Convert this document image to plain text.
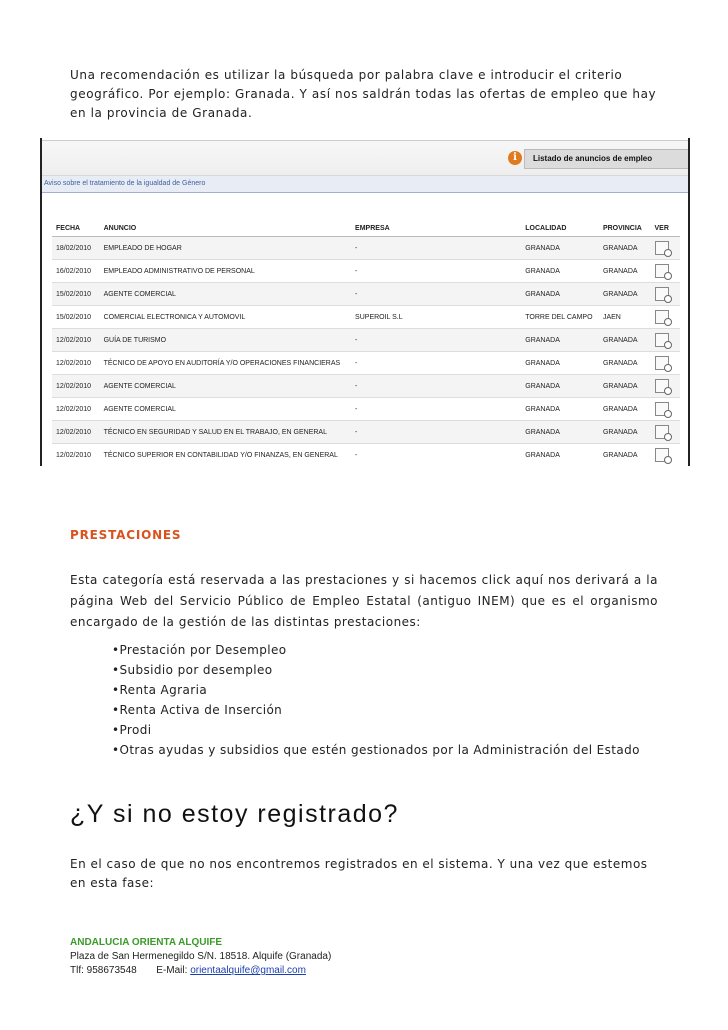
Una recomendación es utilizar la búsqueda por palabra clave e introducir el criterio geográfico. Por ejemplo: Granada. Y así nos saldrán todas las ofertas de empleo que hay en la provincia de Granada.

i	Listado de anuncios de empleo
Aviso sobre el tratamiento de la igualdad de Género
FECHA	ANUNCIO	EMPRESA	LOCALIDAD	PROVINCIA	VER
18/02/2010	EMPLEADO DE HOGAR	-	GRANADA	GRANADA	
16/02/2010	EMPLEADO ADMINISTRATIVO DE PERSONAL	-	GRANADA	GRANADA	
15/02/2010	AGENTE COMERCIAL	-	GRANADA	GRANADA	
15/02/2010	COMERCIAL ELECTRONICA Y AUTOMOVIL	SUPEROIL S.L	TORRE DEL CAMPO	JAEN	
12/02/2010	GUÍA DE TURISMO	-	GRANADA	GRANADA	
12/02/2010	TÉCNICO DE APOYO EN AUDITORÍA Y/O OPERACIONES FINANCIERAS	-	GRANADA	GRANADA	
12/02/2010	AGENTE COMERCIAL	-	GRANADA	GRANADA	
12/02/2010	AGENTE COMERCIAL	-	GRANADA	GRANADA	
12/02/2010	TÉCNICO EN SEGURIDAD Y SALUD EN EL TRABAJO, EN GENERAL	-	GRANADA	GRANADA	
12/02/2010	TÉCNICO SUPERIOR EN CONTABILIDAD Y/O FINANZAS, EN GENERAL	-	GRANADA	GRANADA	
PRESTACIONES

Esta categoría está reservada a las prestaciones y si hacemos click aquí nos derivará a la página Web del Servicio Público de Empleo Estatal (antiguo INEM) que es el organismo encargado de la gestión de las distintas prestaciones:

• Prestación por Desempleo
• Subsidio por desempleo
• Renta Agraria
• Renta Activa de Inserción
• Prodi
• Otras ayudas y subsidios que estén gestionados por la Administración del Estado
¿Y si no estoy registrado?

En el caso de que no nos encontremos registrados en el sistema. Y una vez que estemos en esta fase:

ANDALUCIA ORIENTA ALQUIFE
Plaza de San Hermenegildo S/N. 18518. Alquife (Granada)
Tlf: 958673548 E-Mail: orientaalquife@gmail.com
